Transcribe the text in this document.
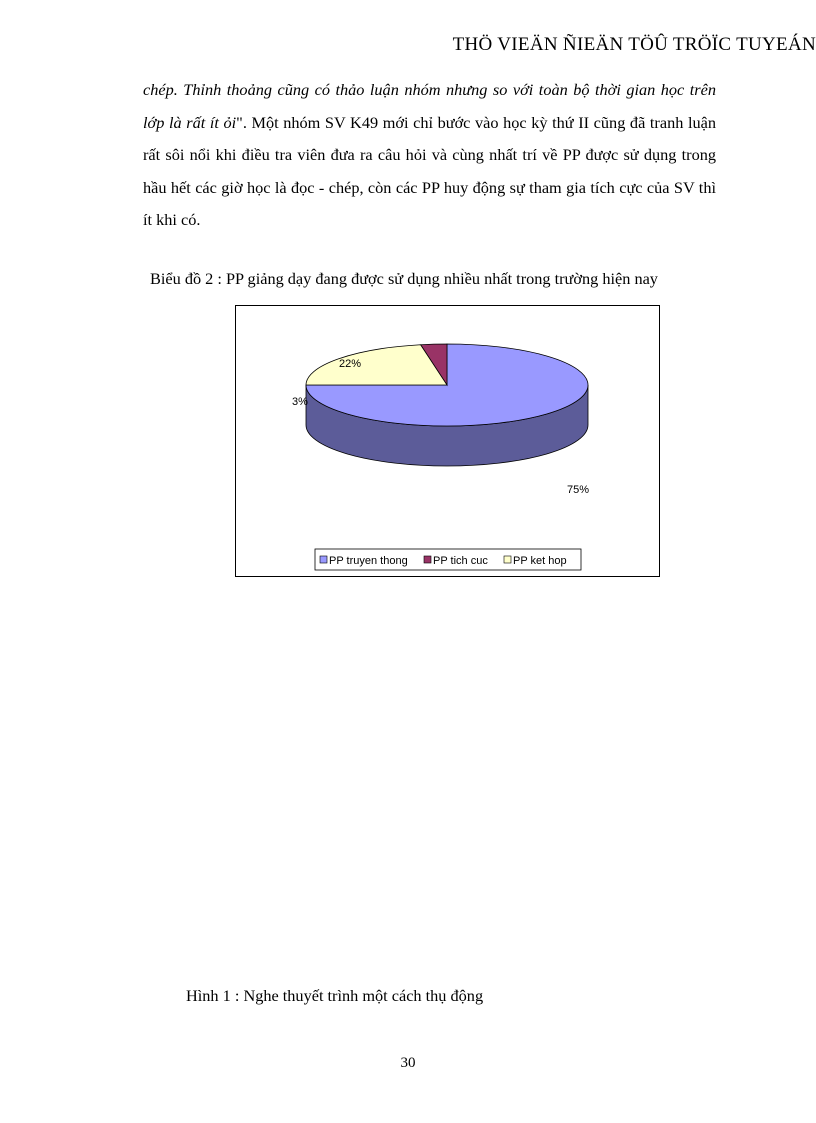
THÖ VIEÄN ÑIEÄN TÖÛ TRÖÏC TUYEÁN
chép. Thỉnh thoảng cũng có thảo luận nhóm nhưng so với toàn bộ thời gian học trên lớp là rất ít ỏi". Một nhóm SV K49 mới chỉ bước vào học kỳ thứ II cũng đã tranh luận rất sôi nổi khi điều tra viên đưa ra câu hỏi và cùng nhất trí về PP được sử dụng trong hầu hết các giờ học là đọc - chép, còn các PP huy động sự tham gia tích cực của SV thì ít khi có.
Biểu đồ 2 : PP giảng dạy đang được sử dụng nhiều nhất trong trường hiện nay
75%
3%
22%
PP truyen thong PP tich cuc PP ket hop
Hình 1 : Nghe thuyết trình một cách thụ động
30
